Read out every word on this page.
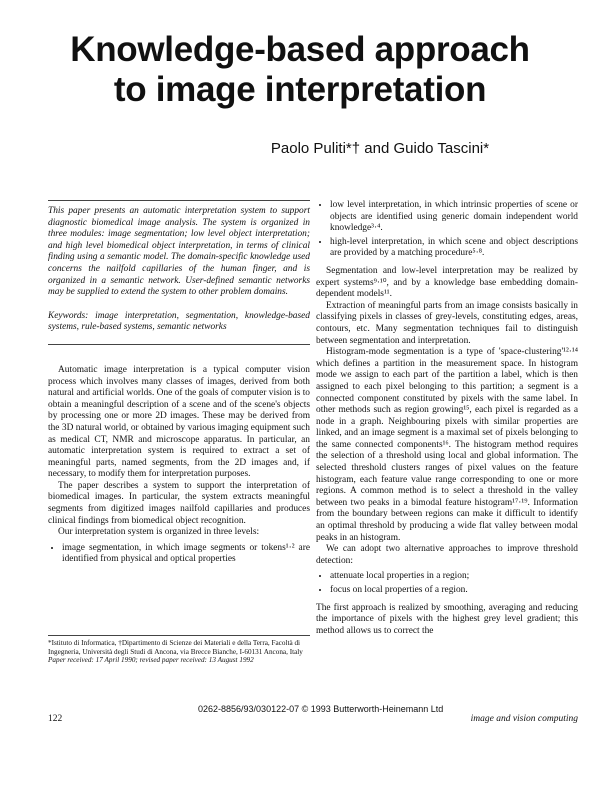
Knowledge-based approach
to image interpretation
Paolo Puliti*† and Guido Tascini*
This paper presents an automatic interpretation system to support diagnostic biomedical image analysis. The system is organized in three modules: image segmentation; low level object interpretation; and high level biomedical object interpretation, in terms of clinical finding using a semantic model. The domain-specific knowledge used concerns the nailfold capillaries of the human finger, and is organized in a semantic network. User-defined semantic networks may be supplied to extend the system to other problem domains.
Keywords: image interpretation, segmentation, knowledge-based systems, rule-based systems, semantic networks

Automatic image interpretation is a typical computer vision process which involves many classes of images, derived from both natural and artificial worlds. One of the goals of computer vision is to obtain a meaningful description of a scene and of the scene's objects by processing one or more 2D images. These may be derived from the 3D natural world, or obtained by various imaging equipment such as medical CT, NMR and microscope apparatus. In particular, an automatic interpretation system is required to extract a set of meaningful parts, named segments, from the 2D images and, if necessary, to modify them for interpretation purposes.

The paper describes a system to support the interpretation of biomedical images. In particular, the system extracts meaningful segments from digitized images nailfold capillaries and produces clinical findings from biomedical object recognition.

Our interpretation system is organized in three levels:

• image segmentation, in which image segments or tokens¹·² are identified from physical and optical properties
*Istituto di Informatica, †Dipartimento di Scienze dei Materiali e della Terra, Facoltà di Ingegneria, Università degli Studi di Ancona, via Brecce Bianche, I-60131 Ancona, Italy
Paper received: 17 April 1990; revised paper received: 13 August 1992
• low level interpretation, in which intrinsic properties of scene or objects are identified using generic domain independent world knowledge³·⁴.
• high-level interpretation, in which scene and object descriptions are provided by a matching procedure⁵·⁸.

Segmentation and low-level interpretation may be realized by expert systems⁹·¹⁰, and by a knowledge base embedding domain-dependent models¹¹.

Extraction of meaningful parts from an image consists basically in classifying pixels in classes of grey-levels, constituting edges, areas, contours, etc. Many segmentation techniques fail to distinguish between segmentation and interpretation.

Histogram-mode segmentation is a type of 'space-clustering'¹²·¹⁴ which defines a partition in the measurement space. In histogram mode we assign to each part of the partition a label, which is then assigned to each pixel belonging to this partition; a segment is a connected component constituted by pixels with the same label. In other methods such as region growing¹⁵, each pixel is regarded as a node in a graph. Neighbouring pixels with similar properties are linked, and an image segment is a maximal set of pixels belonging to the same connected components¹⁶. The histogram method requires the selection of a threshold using local and global information. The selected threshold clusters ranges of pixel values on the feature histogram, each feature value range corresponding to one or more regions. A common method is to select a threshold in the valley between two peaks in a bimodal feature histogram¹⁷·¹⁹. Information from the boundary between regions can make it difficult to identify an optimal threshold by producing a wide flat valley between modal peaks in an histogram.

We can adopt two alternative approaches to improve threshold detection:

• attenuate local properties in a region;
• focus on local properties of a region.

The first approach is realized by smoothing, averaging and reducing the importance of pixels with the highest grey level gradient; this method allows us to correct the

0262-8856/93/030122-07 © 1993 Butterworth-Heinemann Ltd
122	image and vision computing
